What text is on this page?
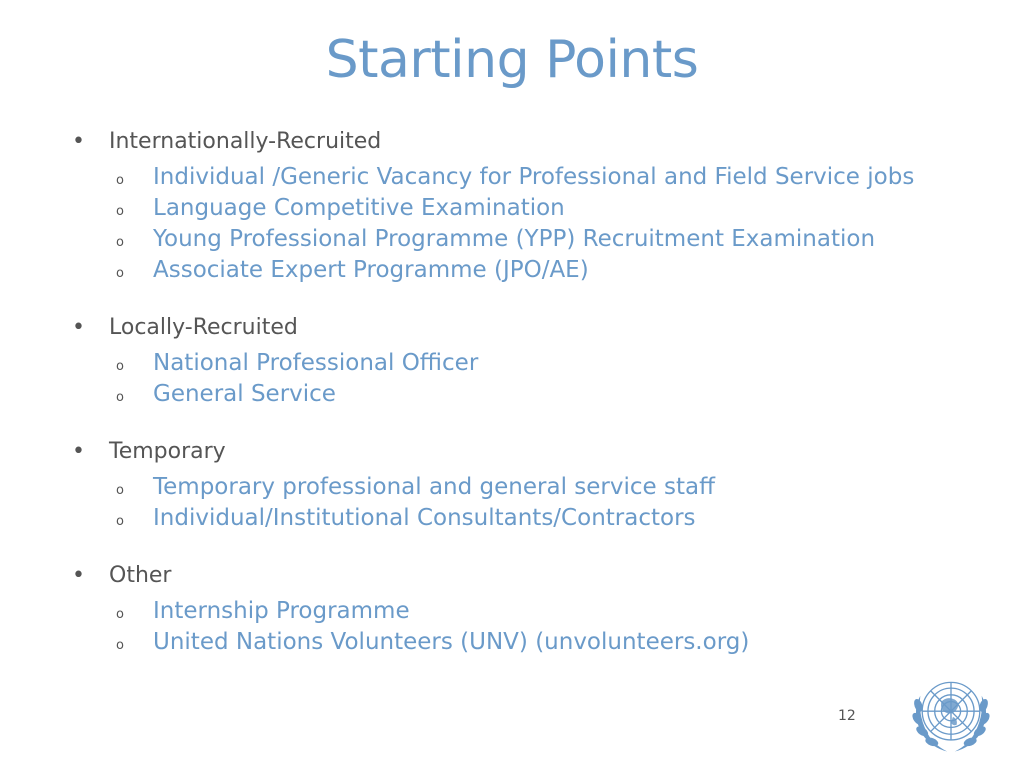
Starting Points
• Internationally-Recruited
o Individual /Generic Vacancy for Professional and Field Service jobs
o Language Competitive Examination
o Young Professional Programme (YPP) Recruitment Examination
o Associate Expert Programme (JPO/AE)
• Locally-Recruited
o National Professional Officer
o General Service
• Temporary
o Temporary professional and general service staff
o Individual/Institutional Consultants/Contractors
• Other
o Internship Programme
o United Nations Volunteers (UNV) (unvolunteers.org)
12
